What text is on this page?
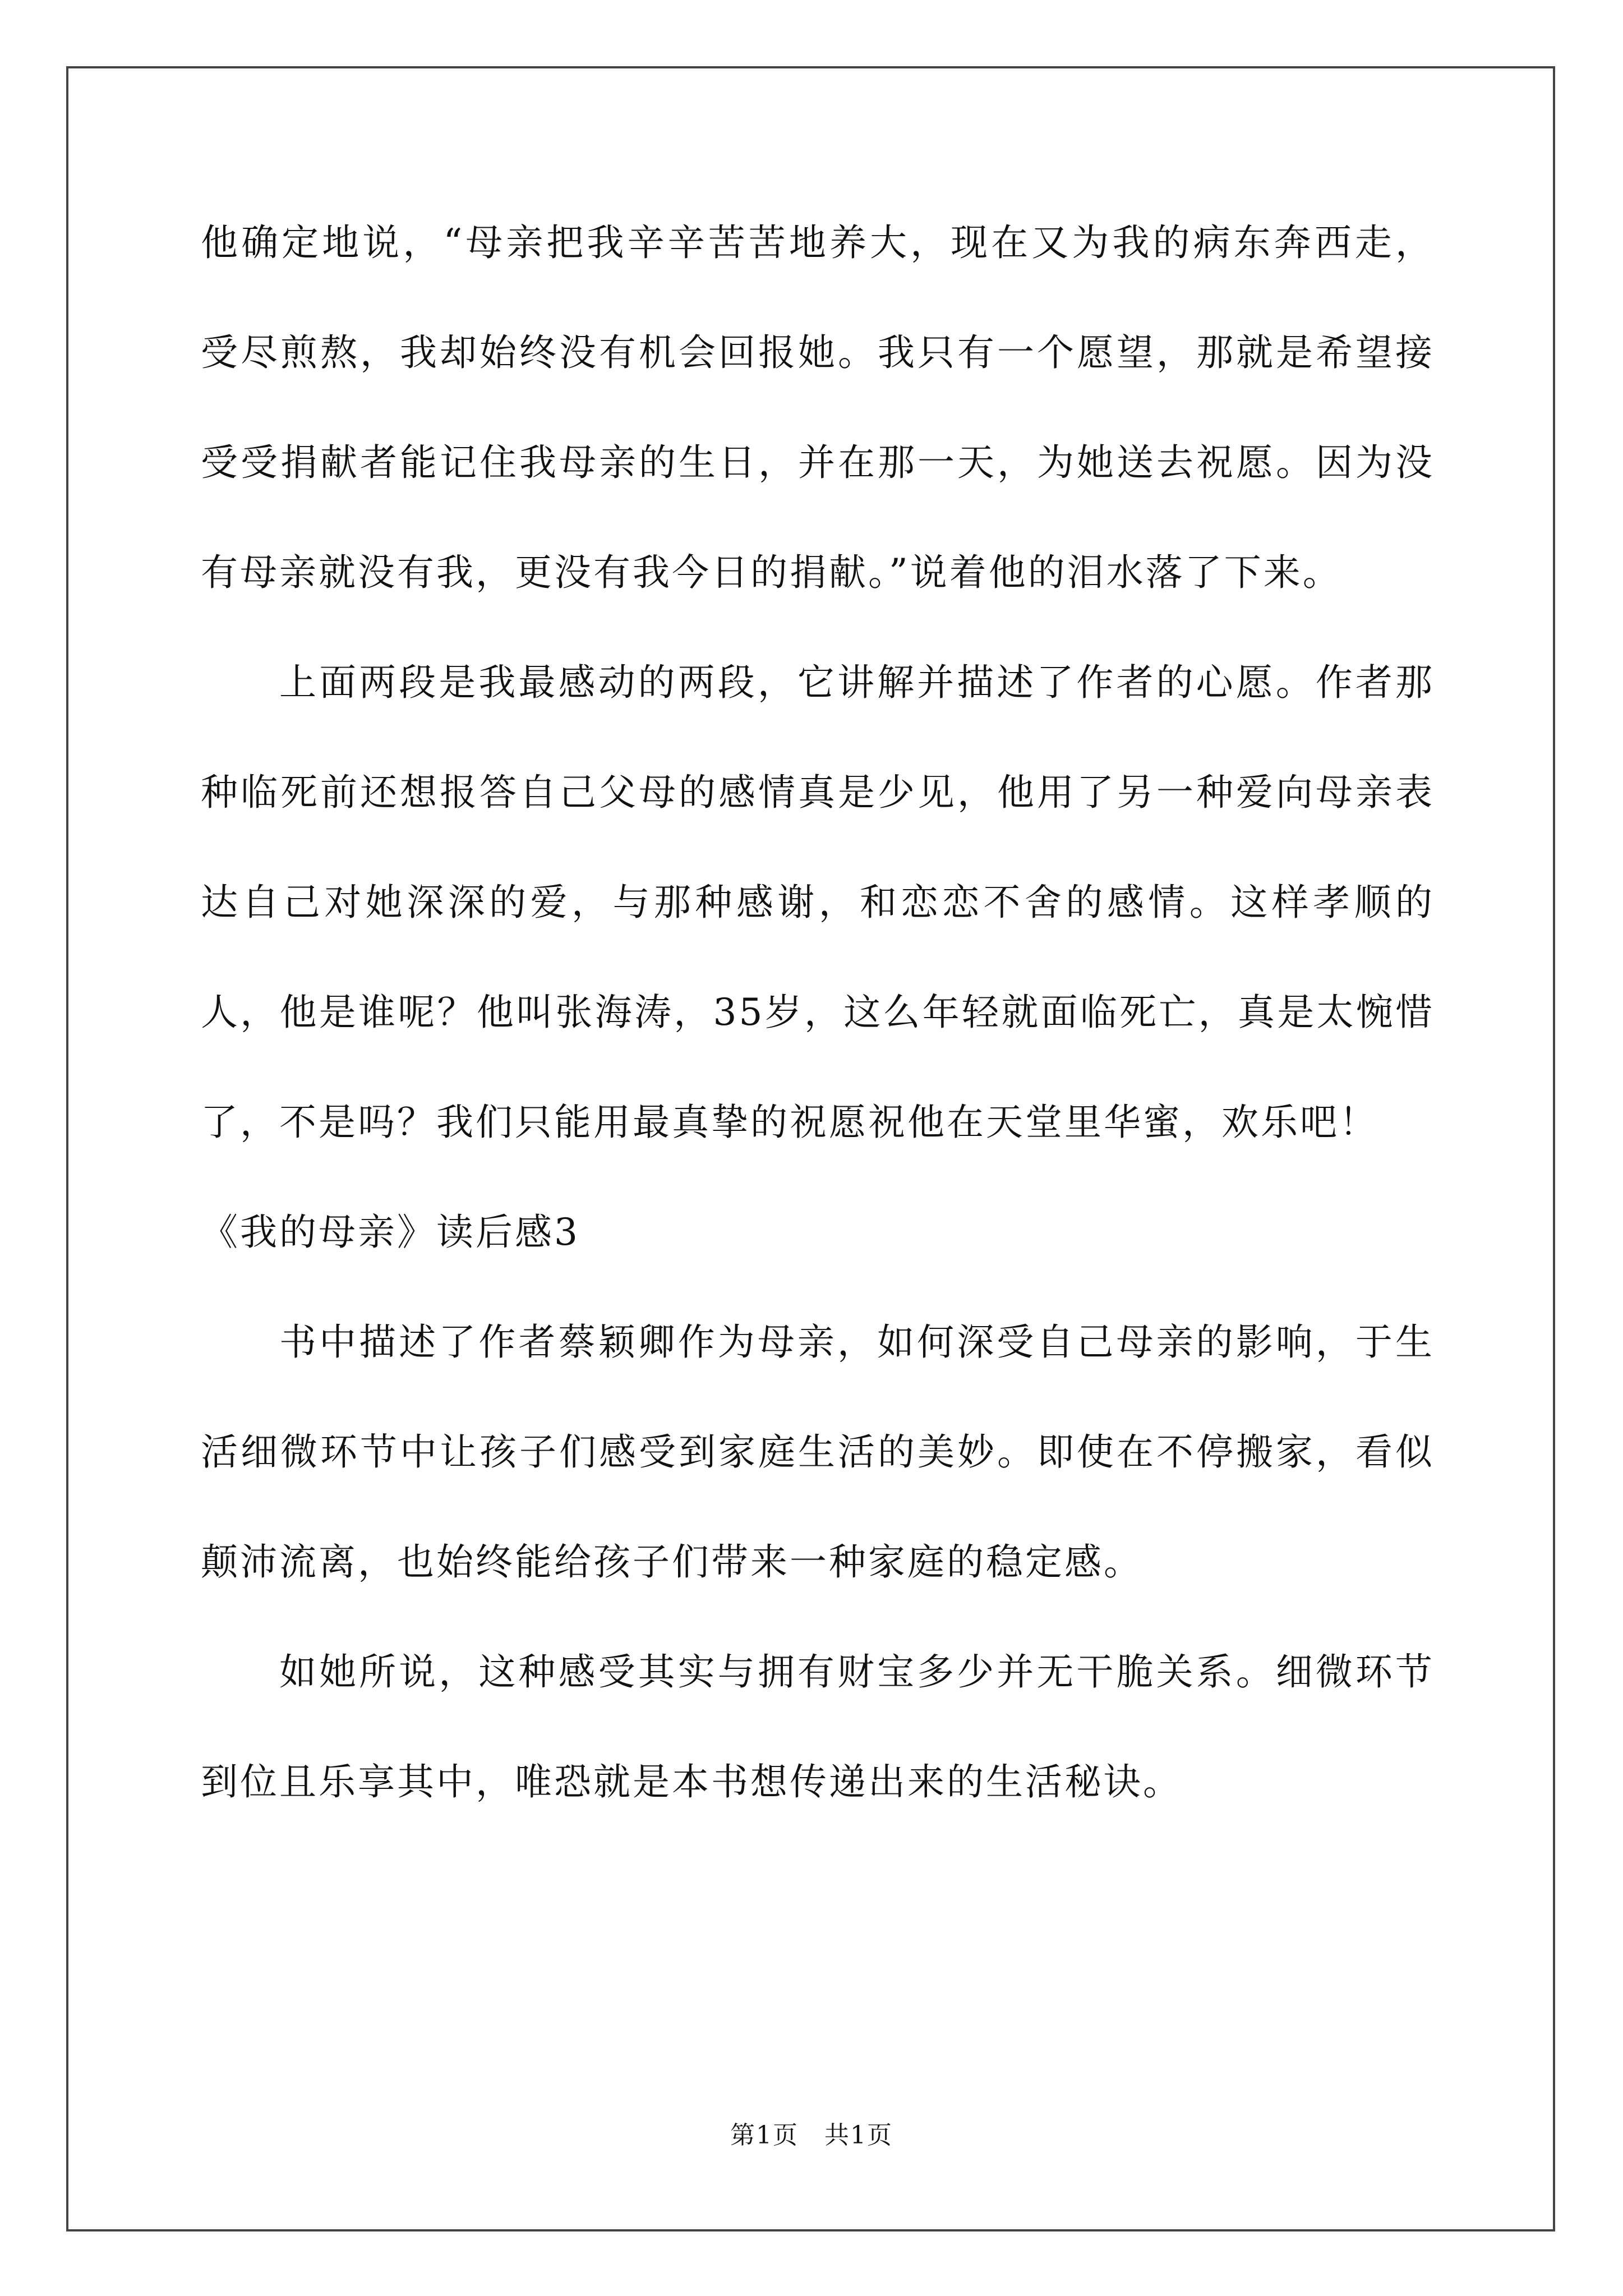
他确定地说，“母亲把我辛辛苦苦地养大，现在又为我的病东奔西走，受尽煎熬，我却始终没有机会回报她。我只有一个愿望，那就是希望接受受捐献者能记住我母亲的生日，并在那一天，为她送去祝愿。因为没有母亲就没有我，更没有我今日的捐献。”说着他的泪水落了下来。

上面两段是我最感动的两段，它讲解并描述了作者的心愿。作者那种临死前还想报答自己父母的感情真是少见，他用了另一种爱向母亲表达自己对她深深的爱，与那种感谢，和恋恋不舍的感情。这样孝顺的人，他是谁呢？他叫张海涛，35岁，这么年轻就面临死亡，真是太惋惜了，不是吗？我们只能用最真挚的祝愿祝他在天堂里华蜜，欢乐吧！

《我的母亲》读后感3

书中描述了作者蔡颖卿作为母亲，如何深受自己母亲的影响，于生活细微环节中让孩子们感受到家庭生活的美妙。即使在不停搬家，看似颠沛流离，也始终能给孩子们带来一种家庭的稳定感。

如她所说，这种感受其实与拥有财宝多少并无干脆关系。细微环节到位且乐享其中，唯恐就是本书想传递出来的生活秘诀。

第1页　共1页
